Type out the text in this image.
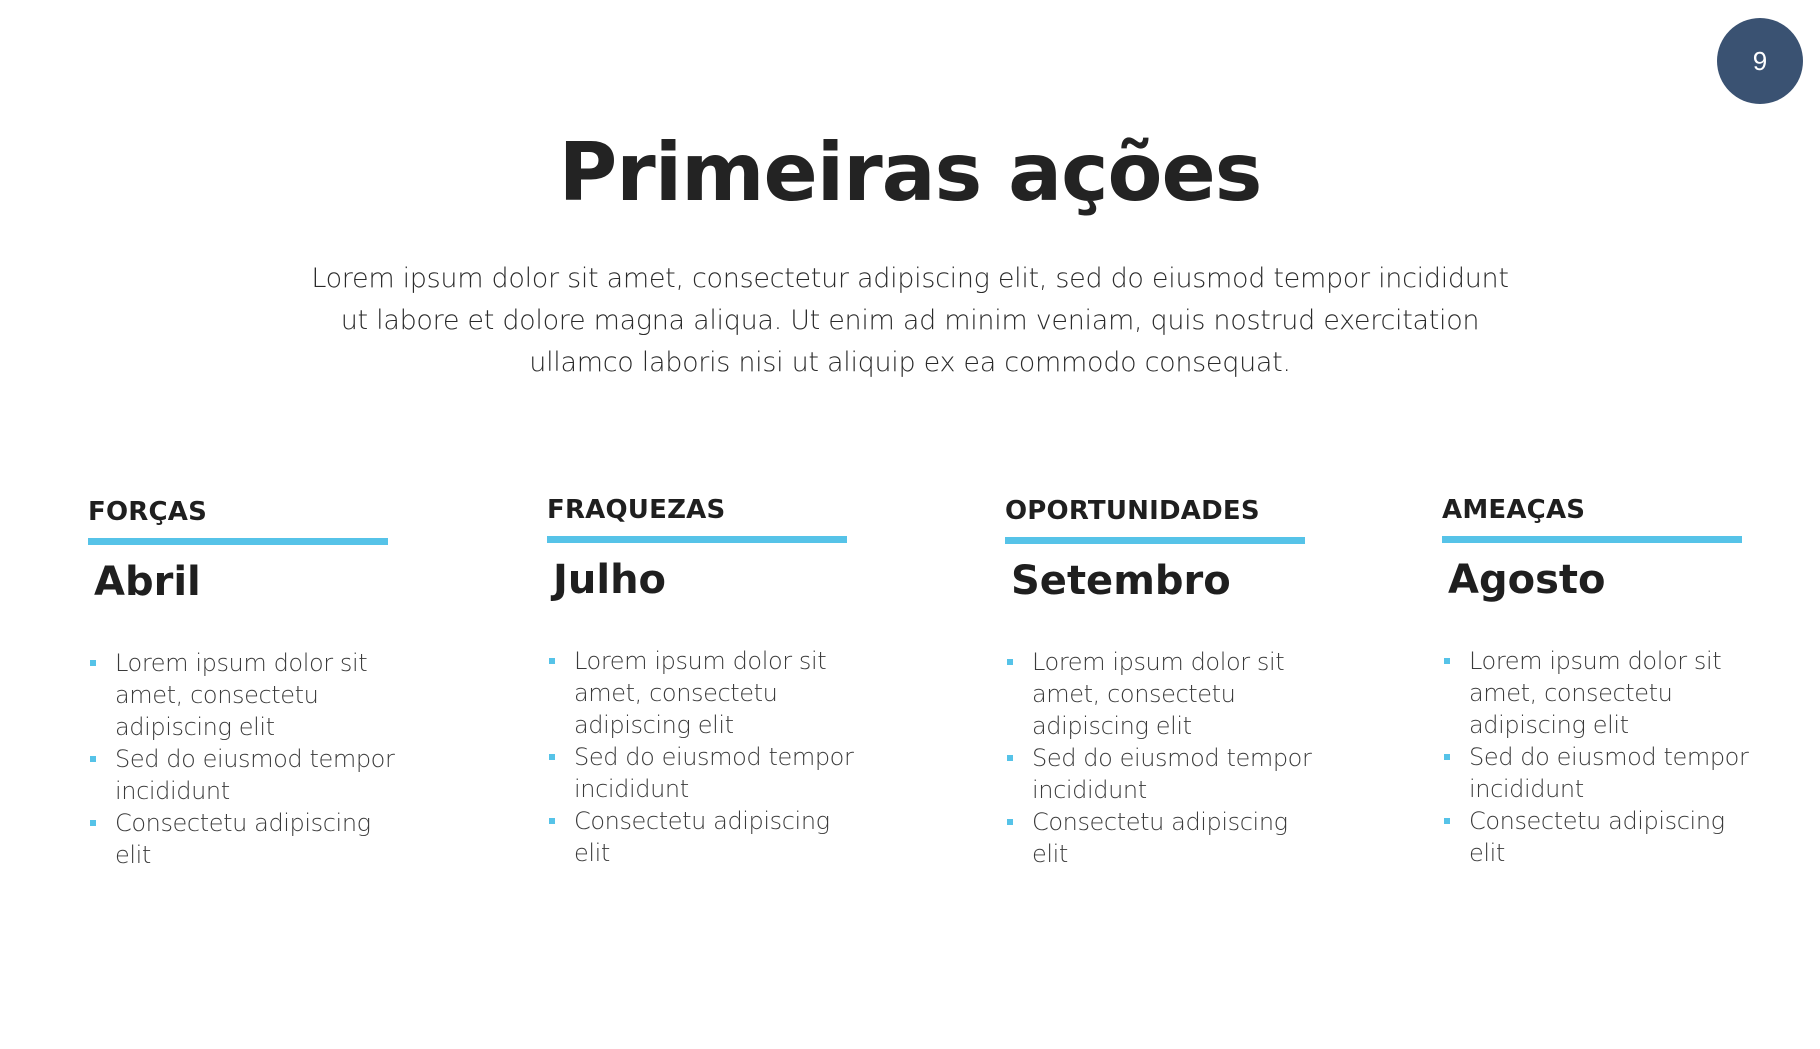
9
Primeiras ações
Lorem ipsum dolor sit amet, consectetur adipiscing elit, sed do eiusmod tempor incididunt ut labore et dolore magna aliqua. Ut enim ad minim veniam, quis nostrud exercitation ullamco laboris nisi ut aliquip ex ea commodo consequat.
FORÇAS
Abril
Lorem ipsum dolor sit amet, consectetu adipiscing elit
Sed do eiusmod tempor incididunt
Consectetu adipiscing elit
FRAQUEZAS
Julho
Lorem ipsum dolor sit amet, consectetu adipiscing elit
Sed do eiusmod tempor incididunt
Consectetu adipiscing elit
OPORTUNIDADES
Setembro
Lorem ipsum dolor sit amet, consectetu adipiscing elit
Sed do eiusmod tempor incididunt
Consectetu adipiscing elit
AMEAÇAS
Agosto
Lorem ipsum dolor sit amet, consectetu adipiscing elit
Sed do eiusmod tempor incididunt
Consectetu adipiscing elit
